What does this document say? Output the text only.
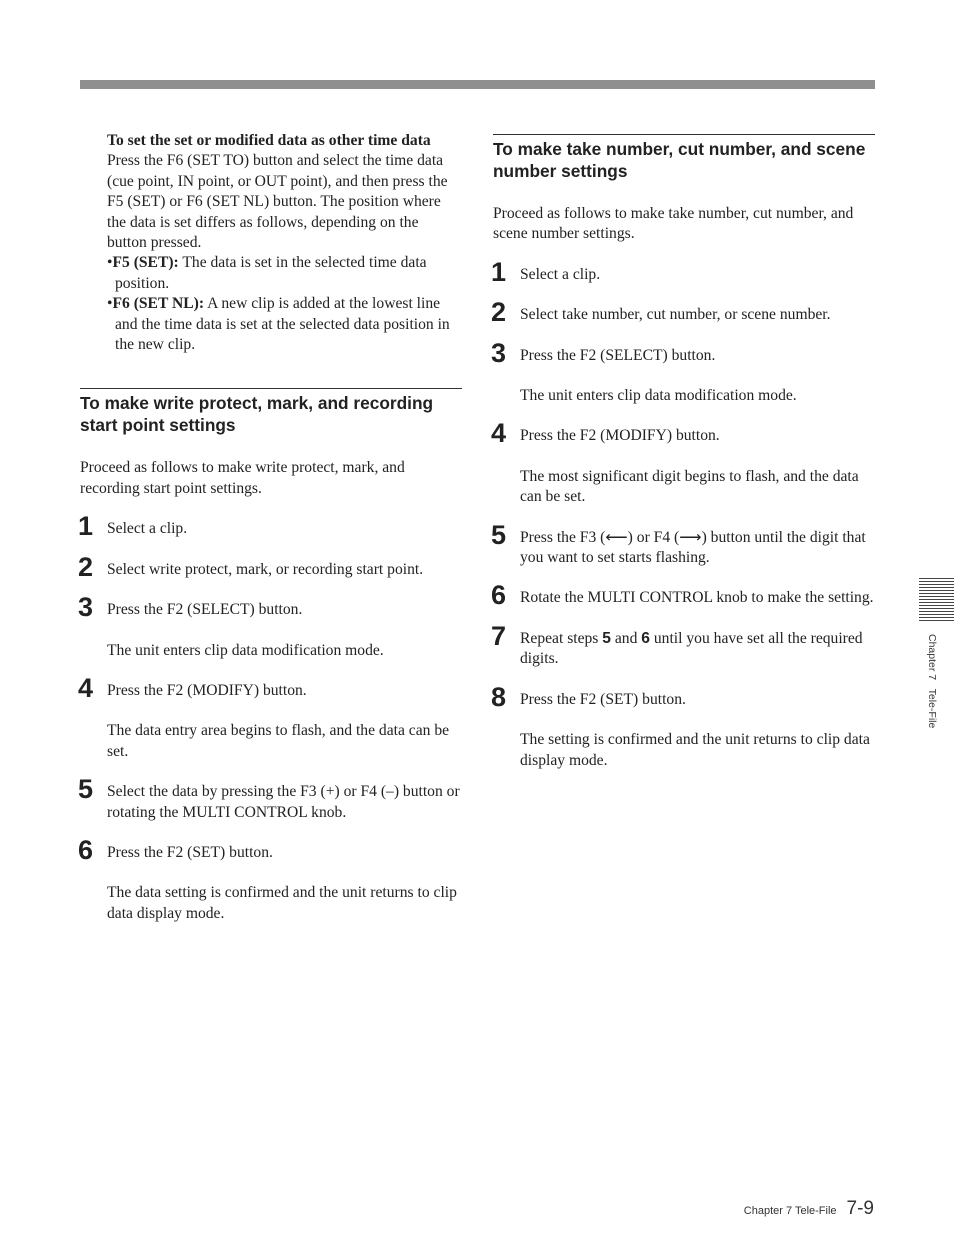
To set the set or modified data as other time data

Press the F6 (SET TO) button and select the time data (cue point, IN point, or OUT point), and then press the F5 (SET) or F6 (SET NL) button. The position where the data is set differs as follows, depending on the button pressed.

•F5 (SET): The data is set in the selected time data position.

•F6 (SET NL): A new clip is added at the lowest line and the time data is set at the selected data position in the new clip.

To make write protect, mark, and recording start point settings

Proceed as follows to make write protect, mark, and recording start point settings.

1 Select a clip.

2 Select write protect, mark, or recording start point.

3 Press the F2 (SELECT) button.

The unit enters clip data modification mode.

4 Press the F2 (MODIFY) button.

The data entry area begins to flash, and the data can be set.

5 Select the data by pressing the F3 (+) or F4 (–) button or rotating the MULTI CONTROL knob.

6 Press the F2 (SET) button.

The data setting is confirmed and the unit returns to clip data display mode.

To make take number, cut number, and scene number settings

Proceed as follows to make take number, cut number, and scene number settings.

1 Select a clip.

2 Select take number, cut number, or scene number.

3 Press the F2 (SELECT) button.

The unit enters clip data modification mode.

4 Press the F2 (MODIFY) button.

The most significant digit begins to flash, and the data can be set.

5 Press the F3 (⟵) or F4 (⟶) button until the digit that you want to set starts flashing.

6 Rotate the MULTI CONTROL knob to make the setting.

7 Repeat steps 5 and 6 until you have set all the required digits.

8 Press the F2 (SET) button.

The setting is confirmed and the unit returns to clip data display mode.

Chapter 7   Tele-File
Chapter 7 Tele-File 7-9
